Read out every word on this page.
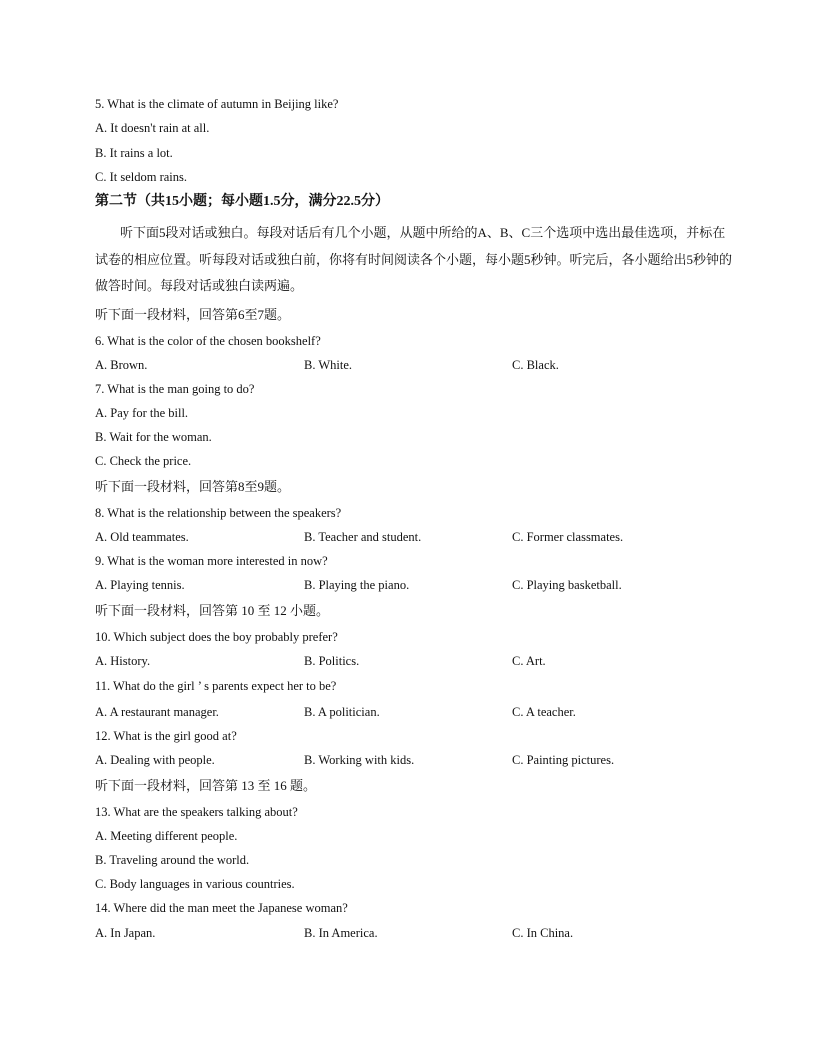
5. What is the climate of autumn in Beijing like?
A. It doesn't rain at all.
B. It rains a lot.
C. It seldom rains.
第二节（共15小题；每小题1.5分，满分22.5分）
听下面5段对话或独白。每段对话后有几个小题，从题中所给的A、B、C三个选项中选出最佳选项，并标在试卷的相应位置。听每段对话或独白前，你将有时间阅读各个小题，每小题5秒钟。听完后，各小题给出5秒钟的做答时间。每段对话或独白读两遍。
听下面一段材料，回答第6至7题。
6. What is the color of the chosen bookshelf?
A. Brown.	B. White.	C. Black.
7. What is the man going to do?
A. Pay for the bill.
B. Wait for the woman.
C. Check the price.
听下面一段材料，回答第8至9题。
8. What is the relationship between the speakers?
A. Old teammates.	B. Teacher and student.	C. Former classmates.
9. What is the woman more interested in now?
A. Playing tennis.	B. Playing the piano.	C. Playing basketball.
听下面一段材料，回答第 10 至 12 小题。
10. Which subject does the boy probably prefer?
A. History.	B. Politics.	C. Art.
11. What do the girl ’ s parents expect her to be?
A. A restaurant manager.	B. A politician.	C. A teacher.
12. What is the girl good at?
A. Dealing with people.	B. Working with kids.	C. Painting pictures.
听下面一段材料，回答第 13 至 16 题。
13. What are the speakers talking about?
A. Meeting different people.
B. Traveling around the world.
C. Body languages in various countries.
14. Where did the man meet the Japanese woman?
A. In Japan.	B. In America.	C. In China.
